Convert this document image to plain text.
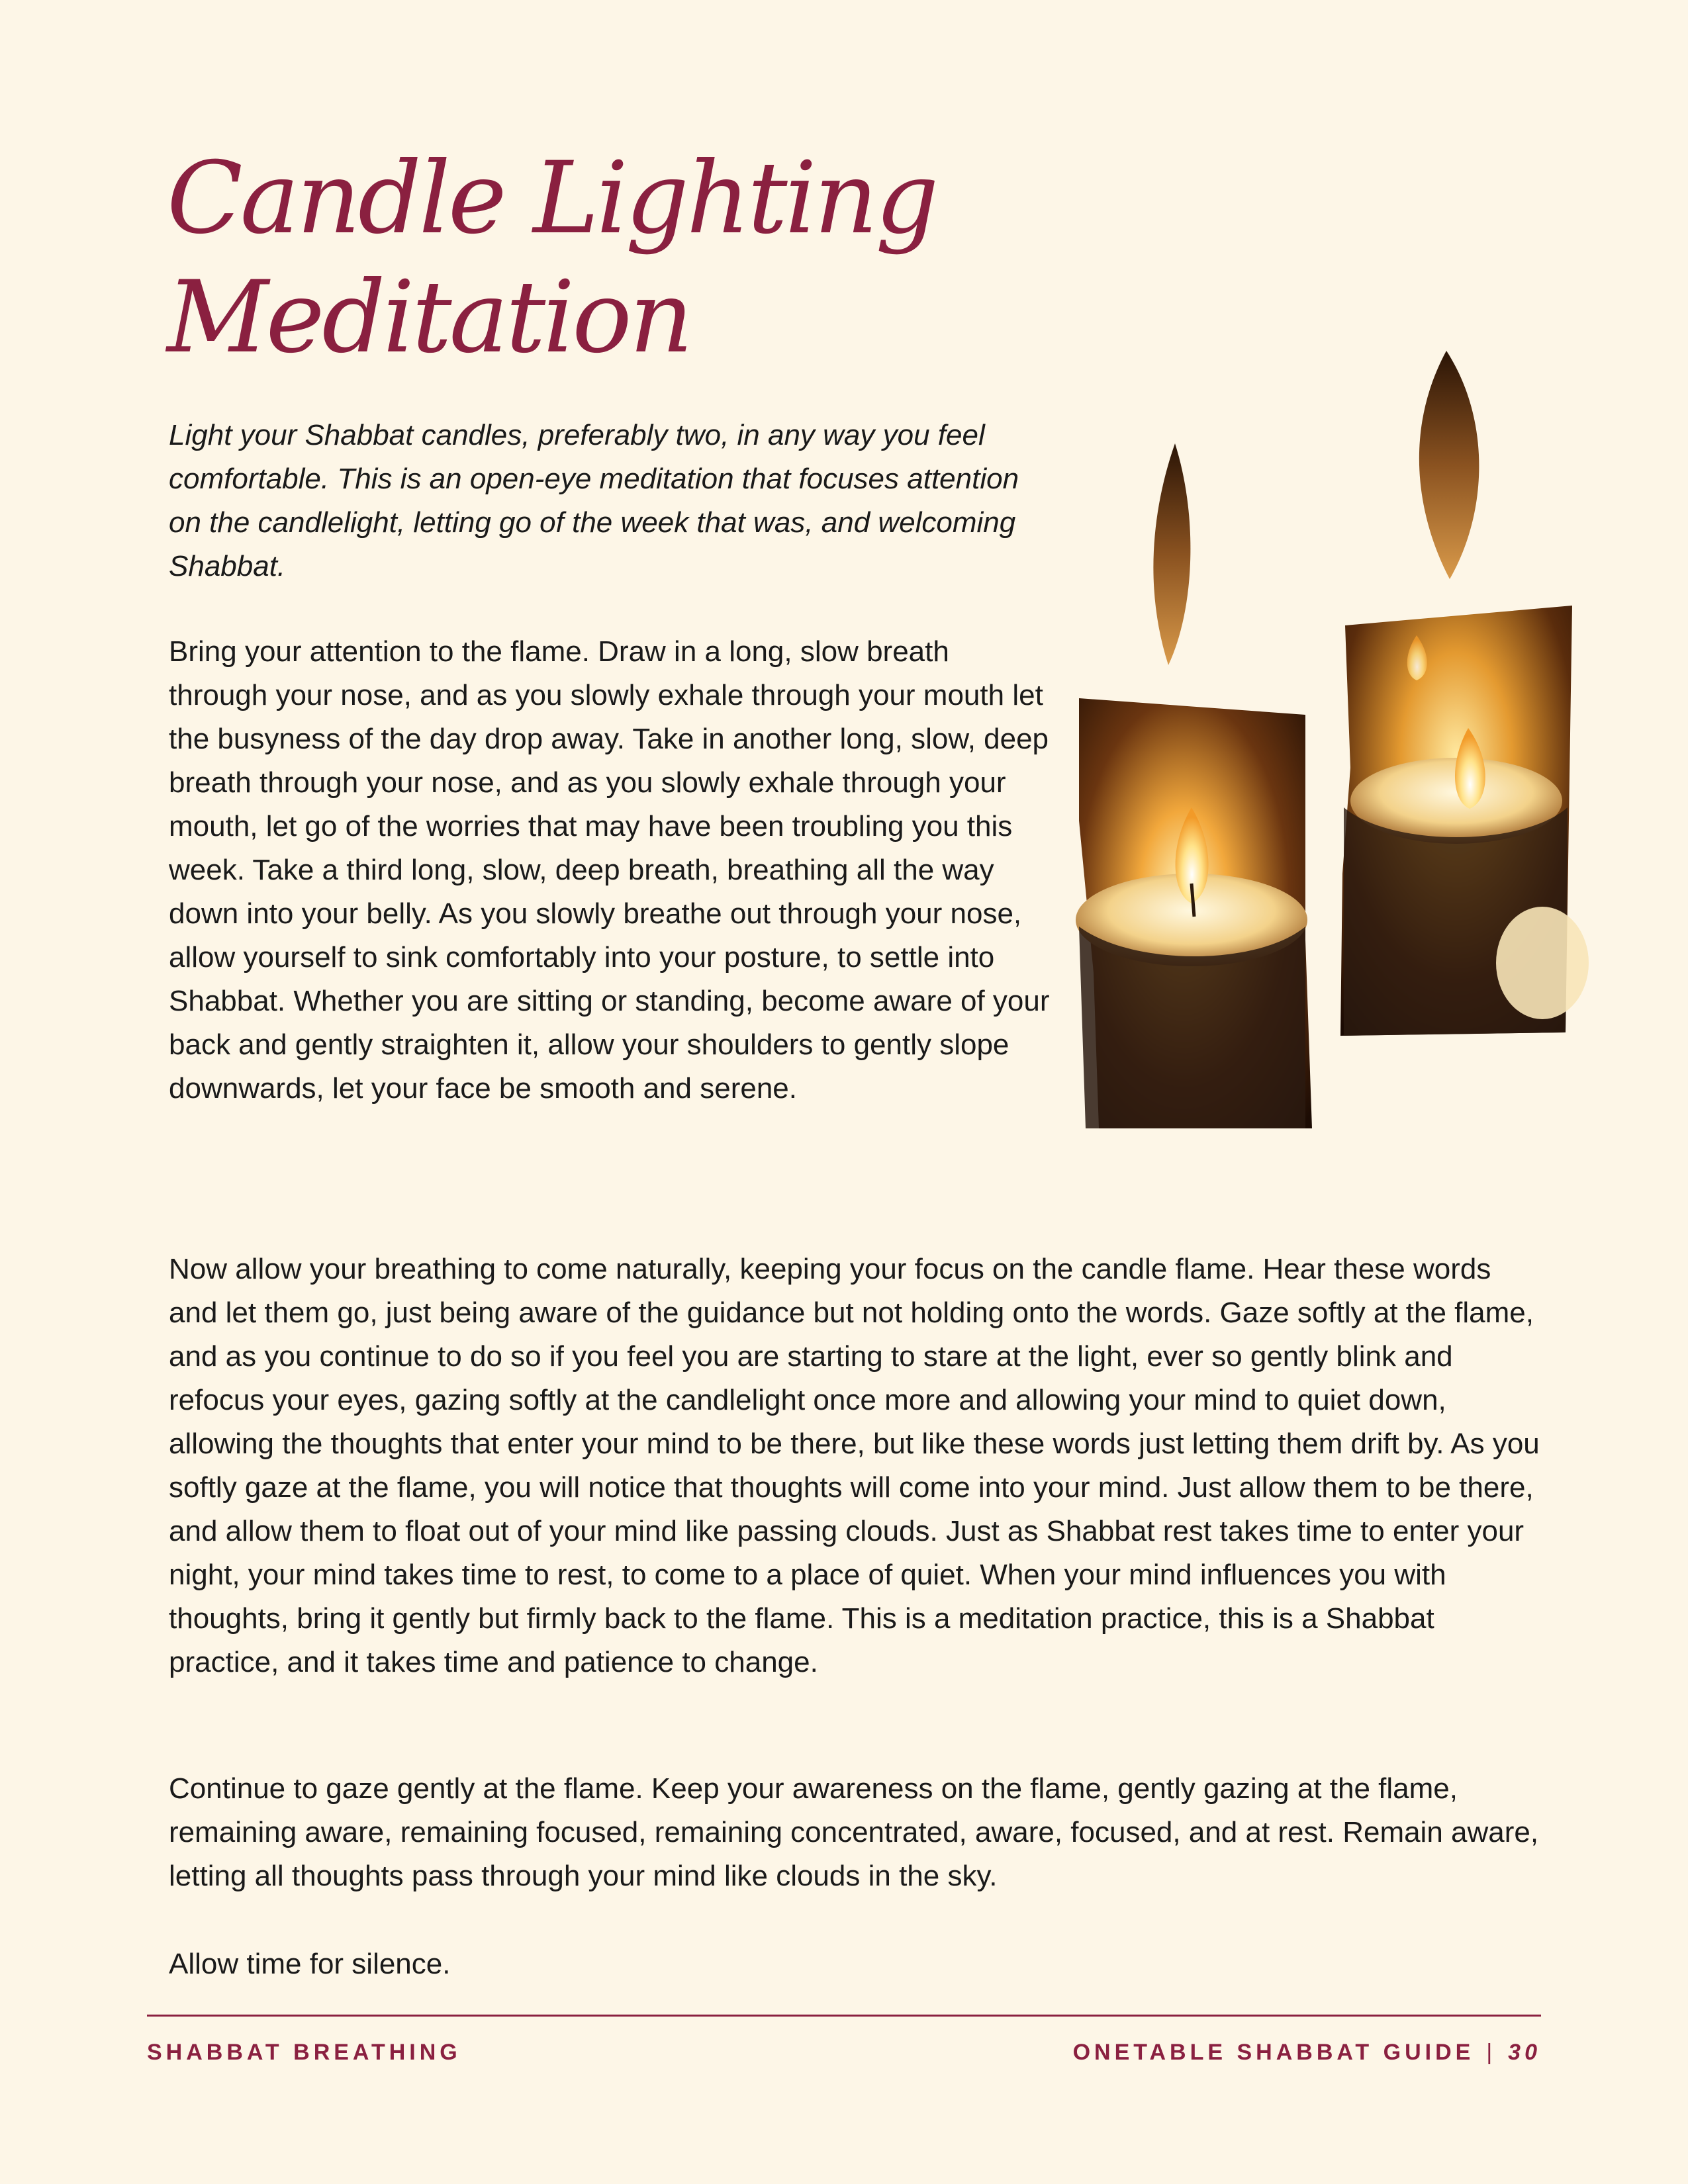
Candle Lighting
Meditation

Light your Shabbat candles, preferably two, in any way you feel comfortable. This is an open-eye meditation that focuses attention on the candlelight, letting go of the week that was, and welcoming Shabbat.

Bring your attention to the flame. Draw in a long, slow breath through your nose, and as you slowly exhale through your mouth let the busyness of the day drop away. Take in another long, slow, deep breath through your nose, and as you slowly exhale through your mouth, let go of the worries that may have been troubling you this week. Take a third long, slow, deep breath, breathing all the way down into your belly. As you slowly breathe out through your nose, allow yourself to sink comfortably into your posture, to settle into Shabbat. Whether you are sitting or standing, become aware of your back and gently straighten it, allow your shoulders to gently slope downwards, let your face be smooth and serene.

Now allow your breathing to come naturally, keeping your focus on the candle flame. Hear these words and let them go, just being aware of the guidance but not holding onto the words. Gaze softly at the flame, and as you continue to do so if you feel you are starting to stare at the light, ever so gently blink and refocus your eyes, gazing softly at the candlelight once more and allowing your mind to quiet down, allowing the thoughts that enter your mind to be there, but like these words just letting them drift by. As you softly gaze at the flame, you will notice that thoughts will come into your mind. Just allow them to be there, and allow them to float out of your mind like passing clouds. Just as Shabbat rest takes time to enter your night, your mind takes time to rest, to come to a place of quiet. When your mind influences you with thoughts, bring it gently but firmly back to the flame. This is a meditation practice, this is a Shabbat practice, and it takes time and patience to change.

Continue to gaze gently at the flame. Keep your awareness on the flame, gently gazing at the flame, remaining aware, remaining focused, remaining concentrated, aware, focused, and at rest. Remain aware, letting all thoughts pass through your mind like clouds in the sky.

Allow time for silence.

SHABBAT BREATHING	ONETABLE SHABBAT GUIDE | 30
